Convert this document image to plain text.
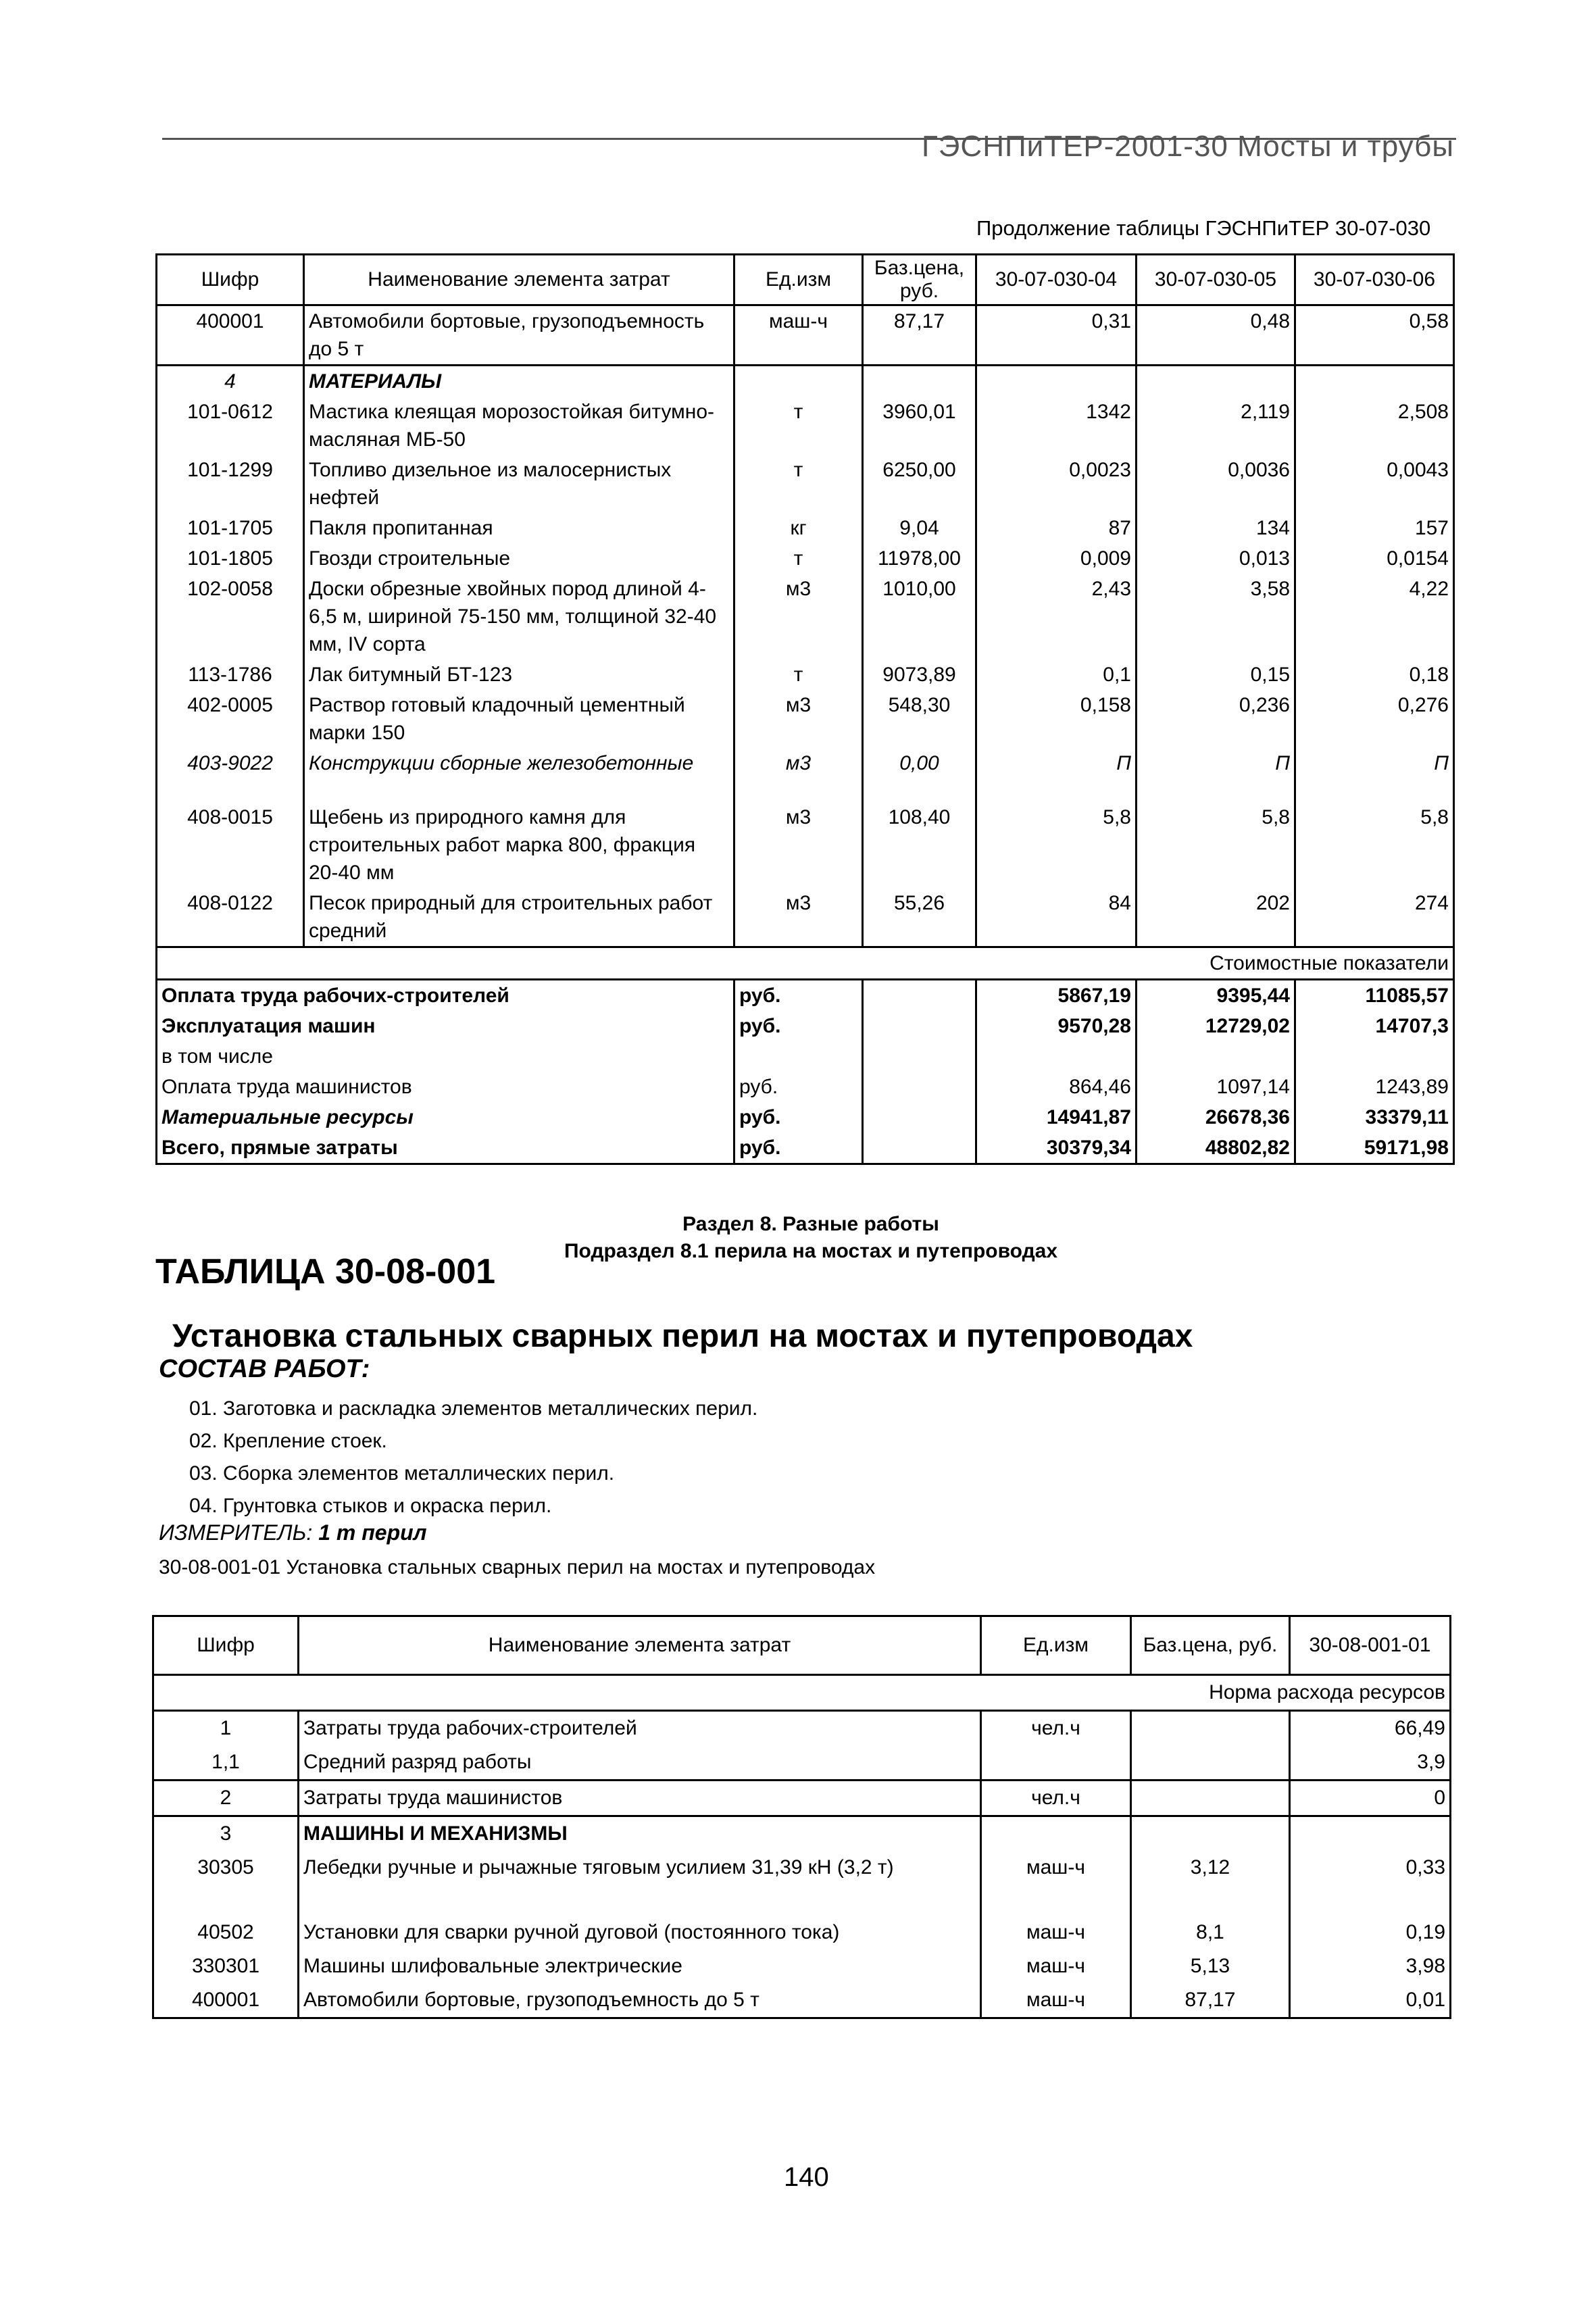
ГЭСНПиТЕР-2001-30 Мосты и трубы
Продолжение таблицы ГЭСНПиТЕР 30-07-030
Шифр	Наименование элемента затрат	Ед.изм	Баз.цена, руб.	30-07-030-04	30-07-030-05	30-07-030-06
400001	Автомобили бортовые, грузоподъемность до 5 т	маш-ч	87,17	0,31	0,48	0,58
4	МАТЕРИАЛЫ					
101-0612	Мастика клеящая морозостойкая битумно-масляная МБ-50	т	3960,01	1342	2,119	2,508
101-1299	Топливо дизельное из малосернистых нефтей	т	6250,00	0,0023	0,0036	0,0043
101-1705	Пакля пропитанная	кг	9,04	87	134	157
101-1805	Гвозди строительные	т	11978,00	0,009	0,013	0,0154
102-0058	Доски обрезные хвойных пород длиной 4-6,5 м, шириной 75-150 мм, толщиной 32-40 мм, IV сорта	м3	1010,00	2,43	3,58	4,22
113-1786	Лак битумный БТ-123	т	9073,89	0,1	0,15	0,18
402-0005	Раствор готовый кладочный цементный марки 150	м3	548,30	0,158	0,236	0,276
403-9022	Конструкции сборные железобетонные	м3	0,00	П	П	П
408-0015	Щебень из природного камня для строительных работ марка 800, фракция 20-40 мм	м3	108,40	5,8	5,8	5,8
408-0122	Песок природный для строительных работ средний	м3	55,26	84	202	274
Стоимостные показатели						
Оплата труда рабочих-строителей		руб.		5867,19	9395,44	11085,57
Эксплуатация машин		руб.		9570,28	12729,02	14707,3
в том числе						
Оплата труда машинистов		руб.		864,46	1097,14	1243,89
Материальные ресурсы		руб.		14941,87	26678,36	33379,11
Всего, прямые затраты		руб.		30379,34	48802,82	59171,98
Раздел 8. Разные работы
Подраздел 8.1 перила на мостах и путепроводах
ТАБЛИЦА 30-08-001
Установка стальных сварных перил на мостах и путепроводах
СОСТАВ РАБОТ:
01. Заготовка и раскладка элементов металлических перил.
02. Крепление стоек.
03. Сборка элементов металлических перил.
04. Грунтовка стыков и окраска перил.
ИЗМЕРИТЕЛЬ: 1 т перил
30-08-001-01 Установка стальных сварных перил на мостах и путепроводах
Шифр	Наименование элемента затрат	Ед.изм	Баз.цена, руб.	30-08-001-01
Норма расхода ресурсов				
1	Затраты труда рабочих-строителей	чел.ч		66,49
1,1	Средний разряд работы			3,9
2	Затраты труда машинистов	чел.ч		0
3	МАШИНЫ И МЕХАНИЗМЫ			
30305	Лебедки ручные и рычажные тяговым усилием 31,39 кН (3,2 т)	маш-ч	3,12	0,33
40502	Установки для сварки ручной дуговой (постоянного тока)	маш-ч	8,1	0,19
330301	Машины шлифовальные электрические	маш-ч	5,13	3,98
400001	Автомобили бортовые, грузоподъемность до 5 т	маш-ч	87,17	0,01
140
